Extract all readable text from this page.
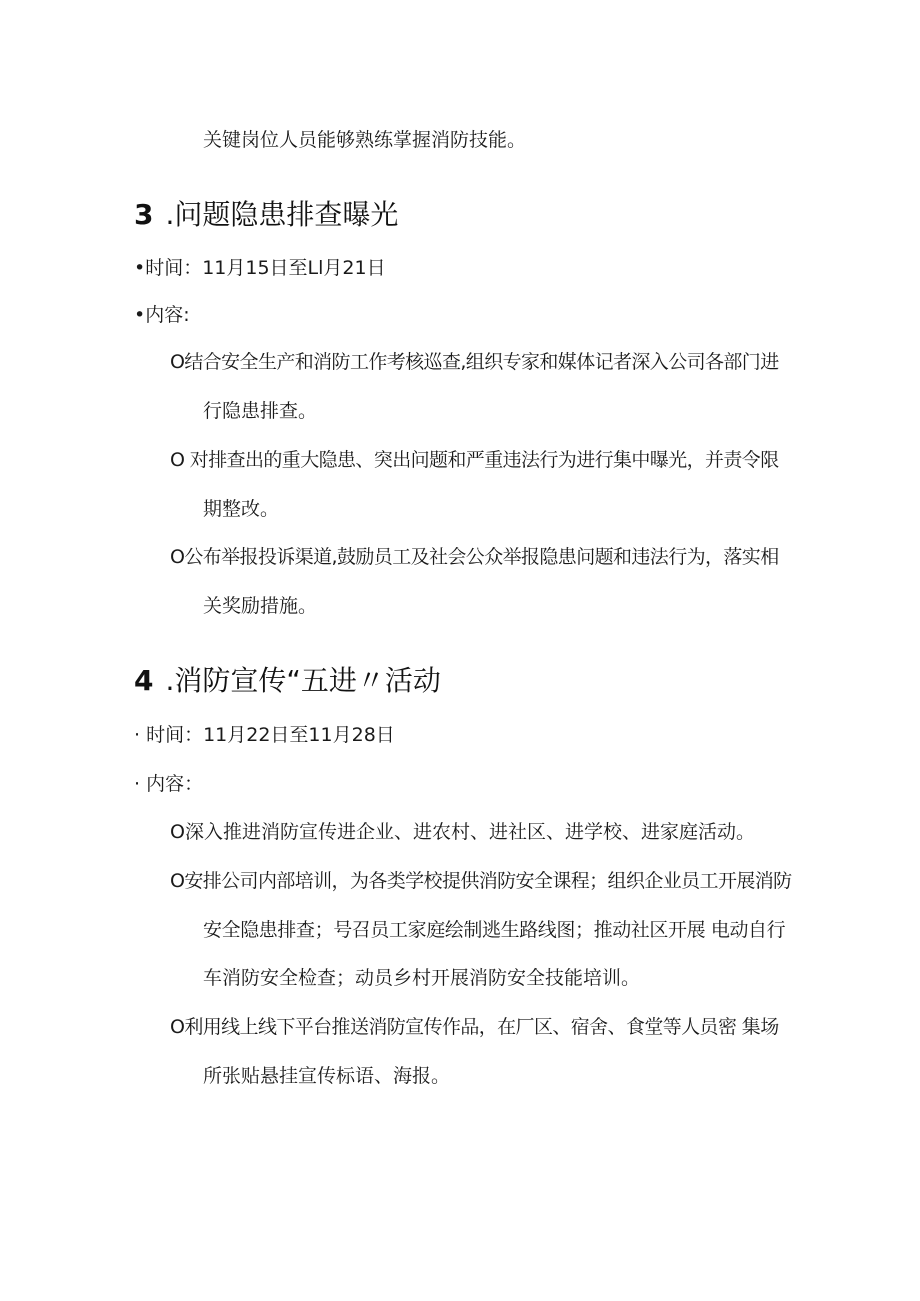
关键岗位人员能够熟练掌握消防技能。
3 .问题隐患排查曝光
•时间：11月15日至Ll月21日
•内容:
O结合安全生产和消防工作考核巡查,组织专家和媒体记者深入公司各部门进
行隐患排查。
O 对排查出的重大隐患、突出问题和严重违法行为进行集中曝光，并责令限
期整改。
O公布举报投诉渠道,鼓励员工及社会公众举报隐患问题和违法行为，落实相
关奖励措施。
4 .消防宣传“五进〃活动
· 时间：11月22日至11月28日
· 内容：
O深入推进消防宣传进企业、进农村、进社区、进学校、进家庭活动。
O安排公司内部培训，为各类学校提供消防安全课程；组织企业员工开展消防
安全隐患排查；号召员工家庭绘制逃生路线图；推动社区开展 电动自行
车消防安全检查；动员乡村开展消防安全技能培训。
O利用线上线下平台推送消防宣传作品，在厂区、宿舍、食堂等人员密 集场
所张贴悬挂宣传标语、海报。
